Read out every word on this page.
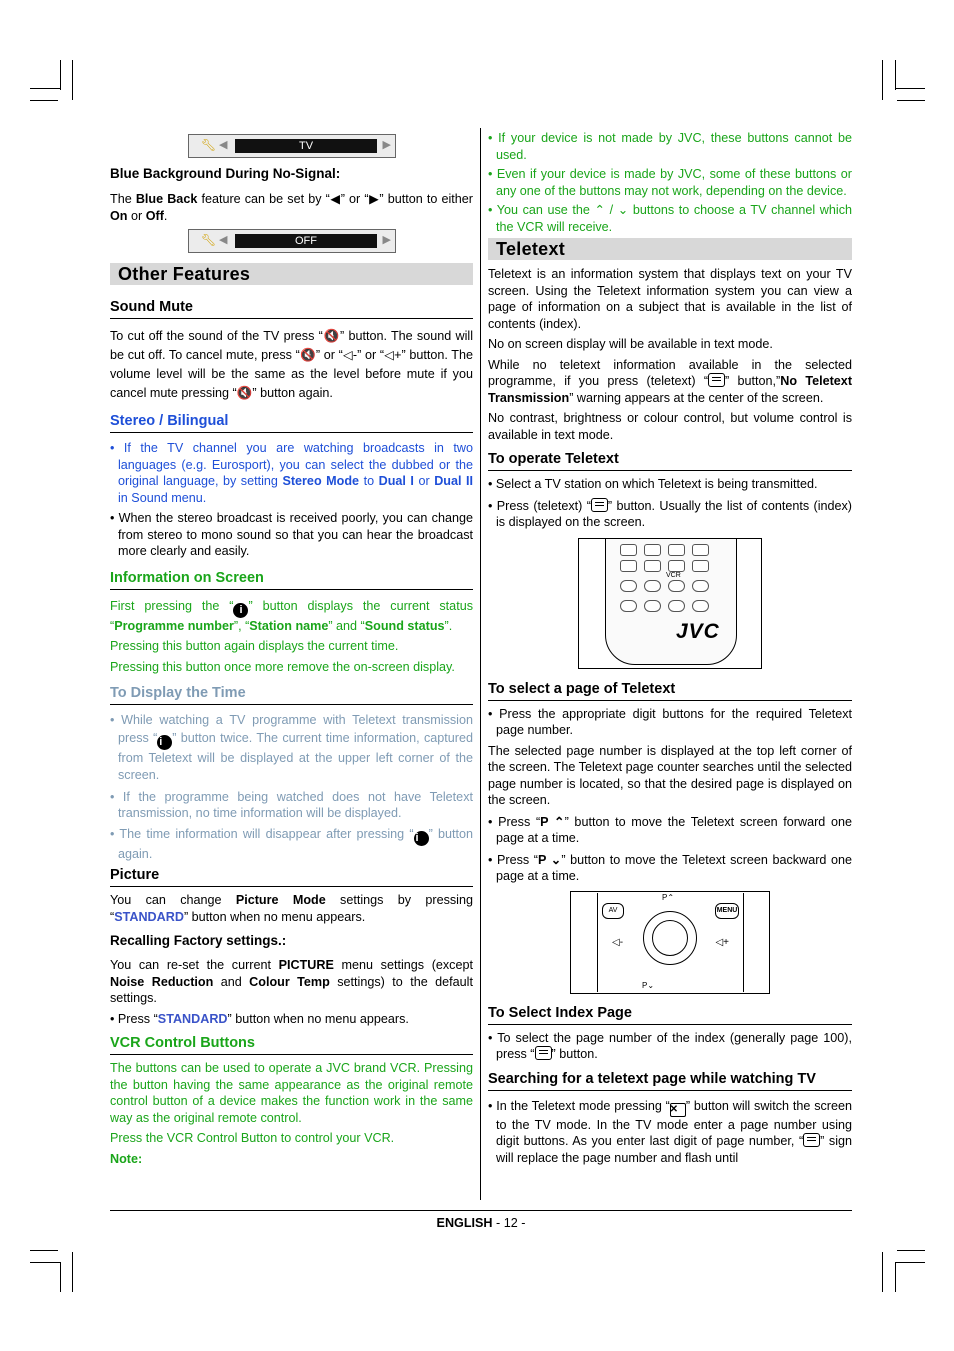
🔧︎ ◀	TV	▶
Blue Background During No-Signal:

The Blue Back feature can be set by “◀” or “▶” button to either On or Off.

🔧︎ ◀	OFF	▶
Other Features
Sound Mute

To cut off the sound of the TV press “🔇” button. The sound will be cut off. To cancel mute, press “🔇” or “◁-” or “◁+” button. The volume level will be the same as the level before mute if you cancel mute pressing “🔇” button again.

Stereo / Bilingual

• If the TV channel you are watching broadcasts in two languages (e.g. Eurosport), you can select the dubbed or the original language, by setting Stereo Mode to Dual I or Dual II in Sound menu.

• When the stereo broadcast is received poorly, you can change from stereo to mono sound so that you can hear the broadcast more clearly and easily.

Information on Screen

First pressing the “ i ” button displays the current status “Programme number”, “Station name” and “Sound status”.

Pressing this button again displays the current time.

Pressing this button once more remove the on-screen display.

To Display the Time

• While watching a TV programme with Teletext transmission press “ i ” button twice. The current time information, captured from Teletext will be displayed at the upper left corner of the screen.

• If the programme being watched does not have Teletext transmission, no time information will be displayed.

• The time information will disappear after pressing “ i ” button again.

Picture

You can change Picture Mode settings by pressing “STANDARD” button when no menu appears.

Recalling Factory settings.:

You can re-set the current PICTURE menu settings (except Noise Reduction and Colour Temp settings) to the default settings.

• Press “STANDARD” button when no menu appears.

VCR Control Buttons

The buttons can be used to operate a JVC brand VCR. Pressing the button having the same appearance as the original remote control button of a device makes the function work in the same way as the original remote control.

Press the VCR Control Button to control your VCR.

Note:

• If your device is not made by JVC, these buttons cannot be used.

• Even if your device is made by JVC, some of these buttons or any one of the buttons may not work, depending on the device.

• You can use the ⌃ / ⌄ buttons to choose a TV channel which the VCR will receive.

Teletext

Teletext is an information system that displays text on your TV screen. Using the Teletext information system you can view a page of information on a subject that is available in the list of contents (index).

No on screen display will be available in text mode.

While no teletext information available in the selected programme, if you press (teletext) “ ” button,”No Teletext Transmission” warning appears at the center of the screen.

No contrast, brightness or colour control, but volume control is available in text mode.

To operate Teletext

• Select a TV station on which Teletext is being transmitted.

• Press (teletext) “ ” button. Usually the list of contents (index) is displayed on the screen.

VCR
JVC
To select a page of Teletext

• Press the appropriate digit buttons for the required Teletext page number.

The selected page number is displayed at the top left corner of the screen. The Teletext page counter searches until the selected page number is located, so that the desired page is displayed on the screen.

• Press “P ⌃” button to move the Teletext screen forward one page at a time.

• Press “P ⌄” button to move the Teletext screen backward one page at a time.

AV	MENU
P⌃
P⌄
◁-	◁+
To Select Index Page

• To select the page number of the index (generally page 100), press “ ” button.

Searching for a teletext page while watching TV

• In the Teletext mode pressing “✕ ” button will switch the screen to the TV mode. In the TV mode enter a page number using digit buttons. As you enter last digit of page number, “ ” sign will replace the page number and flash until

ENGLISH - 12 -
